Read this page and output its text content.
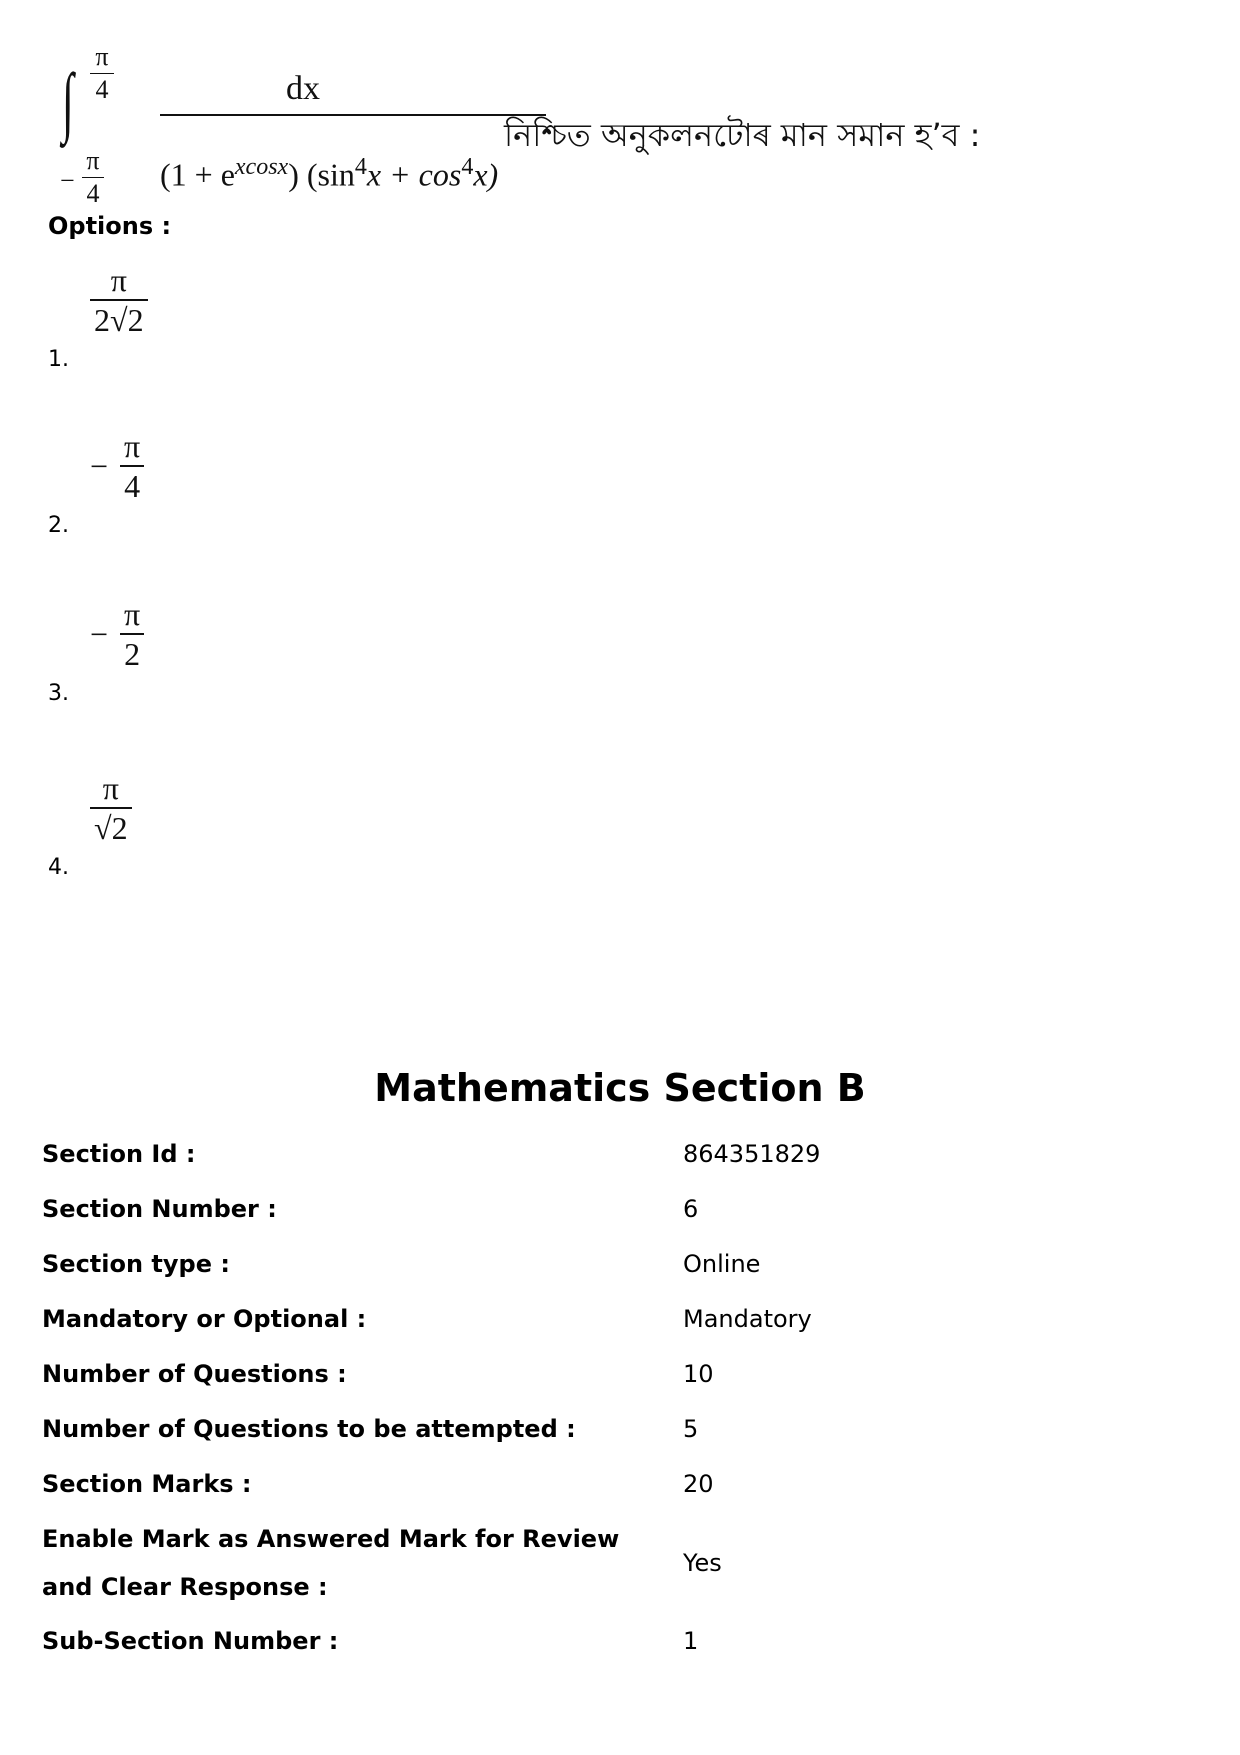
∫
π
4
−
π
4
dx
$(1 + e^{xcosx})$ $(\sin^4x + \cos^4x)$
নিশ্চিত অনুকলনটোৰ মান সমান হ’ব :
Options :
1.
$\frac{\pi}{2√2}$
2.
− $\frac{\pi}{4}$
3.
− $\frac{\pi}{2}$
4.
$\frac{\pi}{√2}$
Mathematics Section B
Section Id :	864351829
Section Number :	6
Section type :	Online
Mandatory or Optional :	Mandatory
Number of Questions :	10
Number of Questions to be attempted :	5
Section Marks :	20
Enable Mark as Answered Mark for Review and Clear Response :
Yes
Sub-Section Number :	1
